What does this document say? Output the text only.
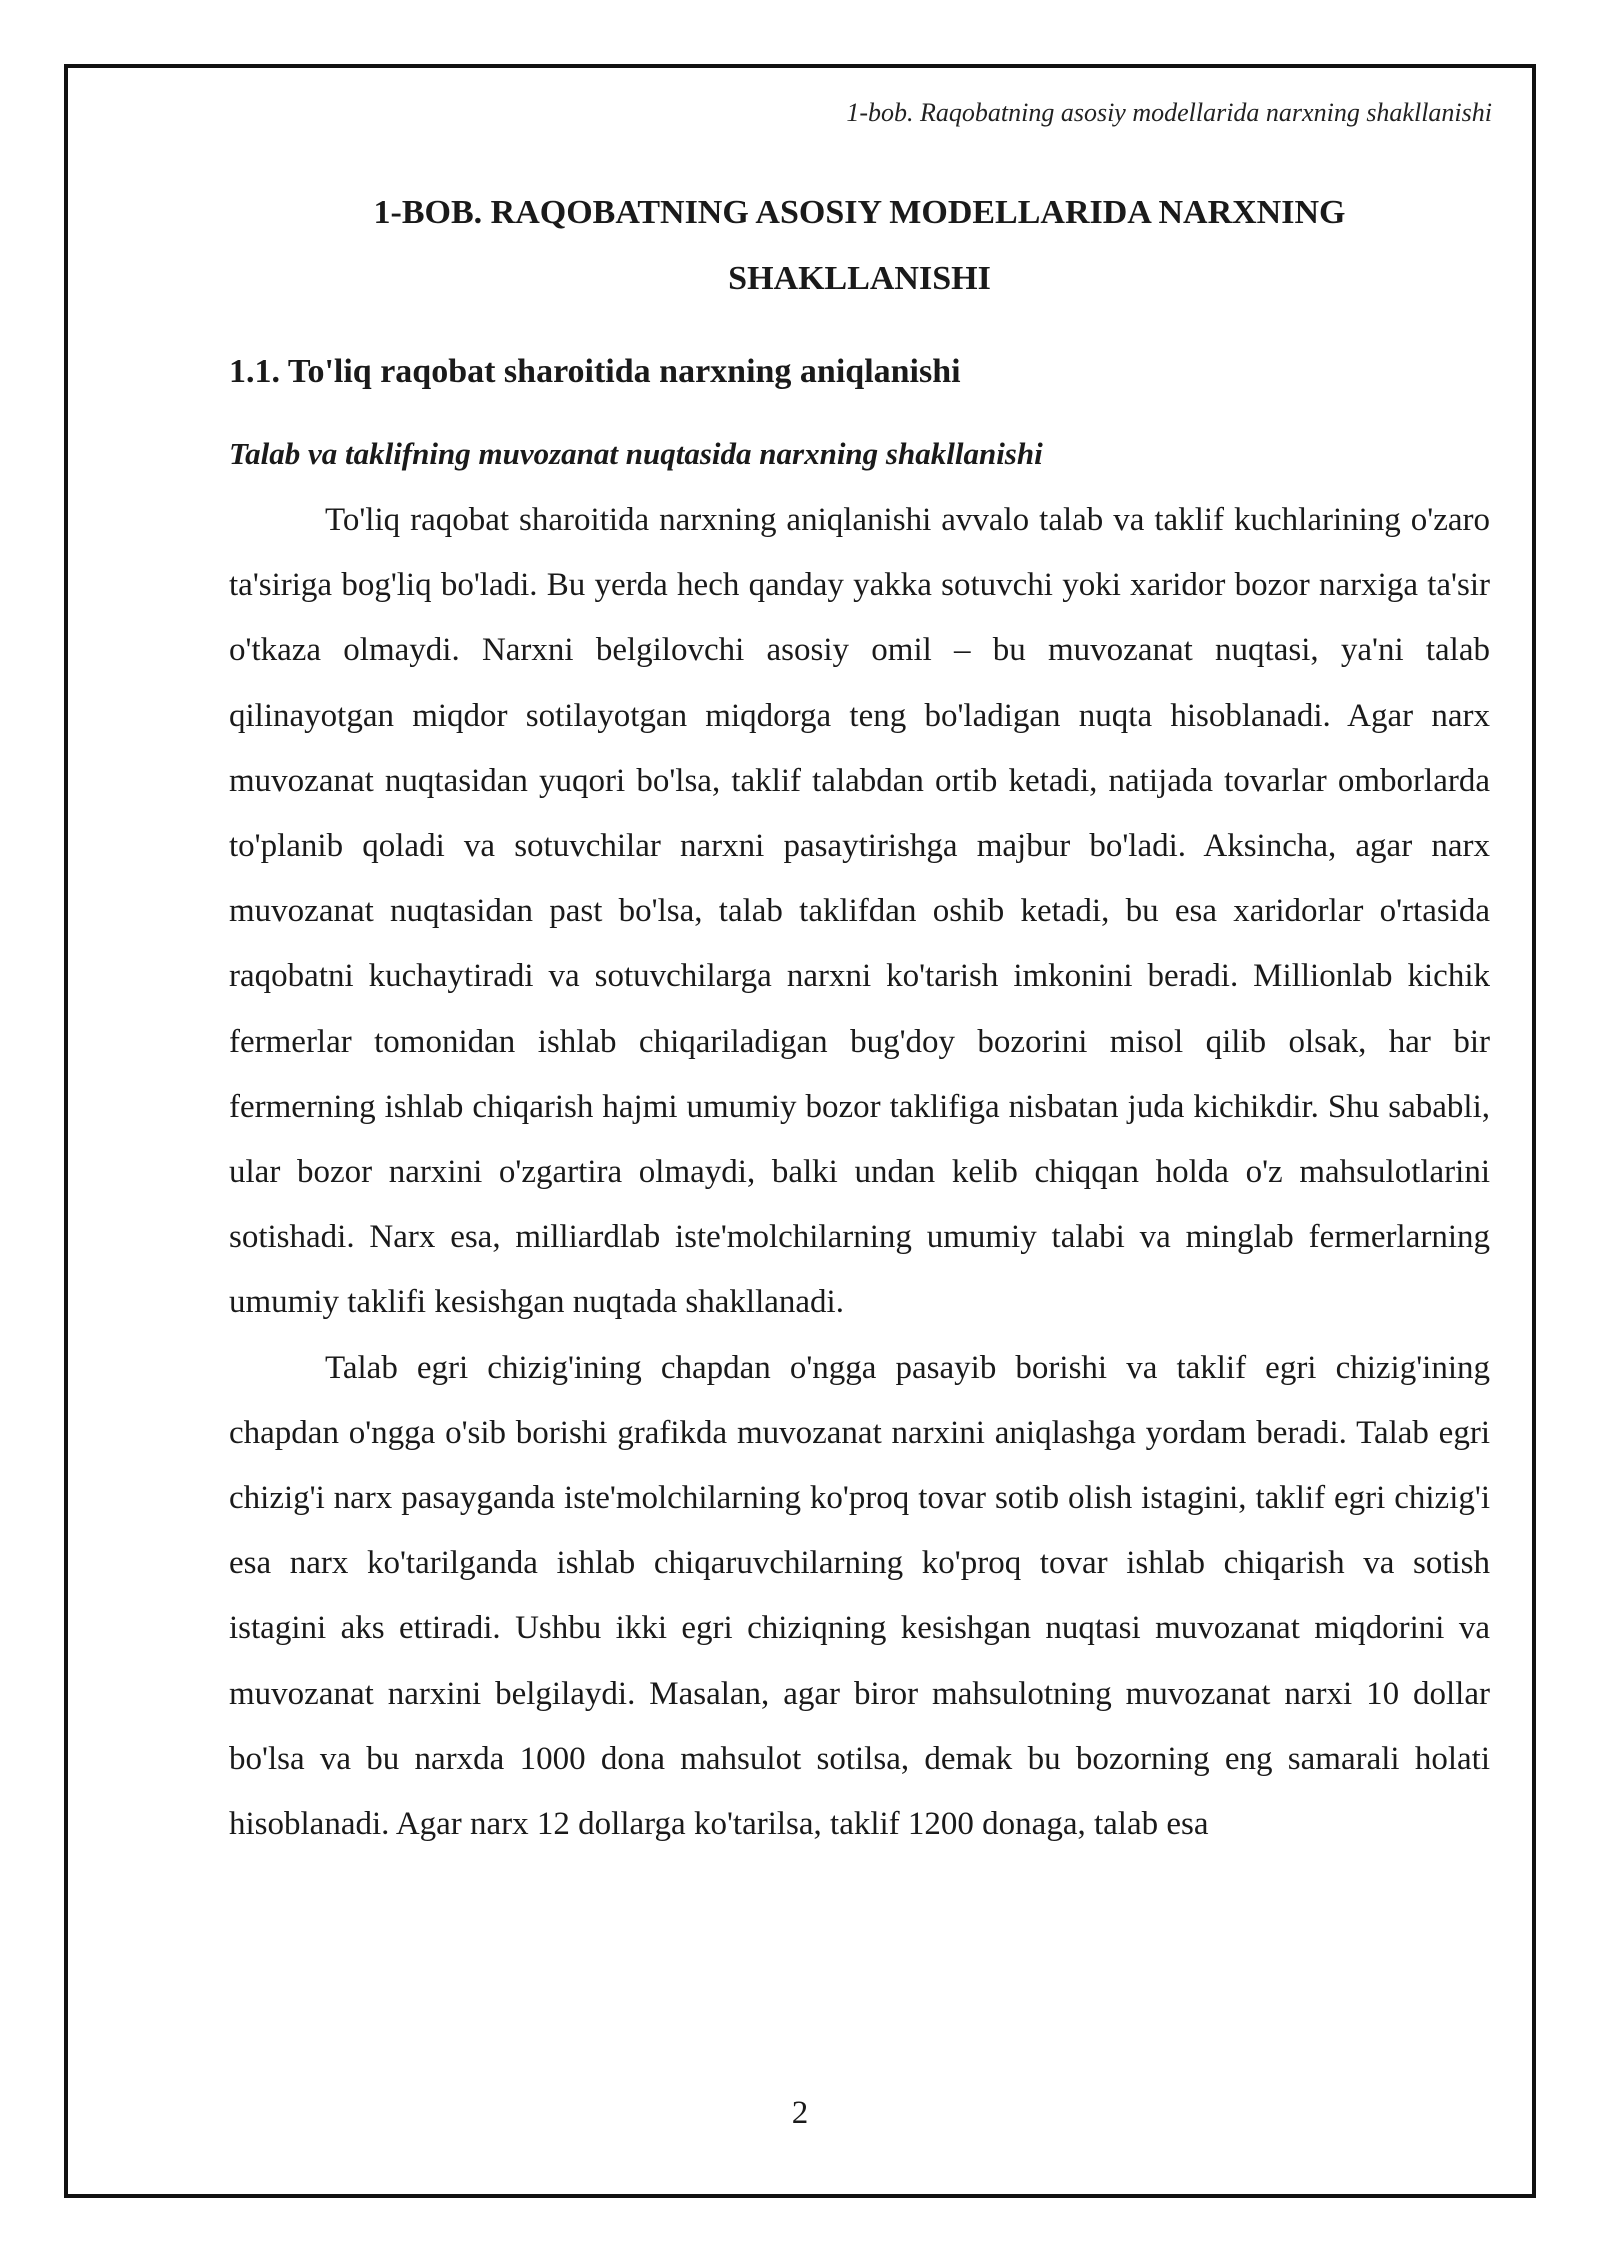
1-bob. Raqobatning asosiy modellarida narxning shakllanishi
1-BOB. RAQOBATNING ASOSIY MODELLARIDA NARXNING SHAKLLANISHI
1.1. To'liq raqobat sharoitida narxning aniqlanishi
Talab va taklifning muvozanat nuqtasida narxning shakllanishi

To'liq raqobat sharoitida narxning aniqlanishi avvalo talab va taklif kuchlarining o'zaro ta'siriga bog'liq bo'ladi. Bu yerda hech qanday yakka sotuvchi yoki xaridor bozor narxiga ta'sir o'tkaza olmaydi. Narxni belgilovchi asosiy omil – bu muvozanat nuqtasi, ya'ni talab qilinayotgan miqdor sotilayotgan miqdorga teng bo'ladigan nuqta hisoblanadi. Agar narx muvozanat nuqtasidan yuqori bo'lsa, taklif talabdan ortib ketadi, natijada tovarlar omborlarda to'planib qoladi va sotuvchilar narxni pasaytirishga majbur bo'ladi. Aksincha, agar narx muvozanat nuqtasidan past bo'lsa, talab taklifdan oshib ketadi, bu esa xaridorlar o'rtasida raqobatni kuchaytiradi va sotuvchilarga narxni ko'tarish imkonini beradi. Millionlab kichik fermerlar tomonidan ishlab chiqariladigan bug'doy bozorini misol qilib olsak, har bir fermerning ishlab chiqarish hajmi umumiy bozor taklifiga nisbatan juda kichikdir. Shu sababli, ular bozor narxini o'zgartira olmaydi, balki undan kelib chiqqan holda o'z mahsulotlarini sotishadi. Narx esa, milliardlab iste'molchilarning umumiy talabi va minglab fermerlarning umumiy taklifi kesishgan nuqtada shakllanadi.

Talab egri chizig'ining chapdan o'ngga pasayib borishi va taklif egri chizig'ining chapdan o'ngga o'sib borishi grafikda muvozanat narxini aniqlashga yordam beradi. Talab egri chizig'i narx pasayganda iste'molchilarning ko'proq tovar sotib olish istagini, taklif egri chizig'i esa narx ko'tarilganda ishlab chiqaruvchilarning ko'proq tovar ishlab chiqarish va sotish istagini aks ettiradi. Ushbu ikki egri chiziqning kesishgan nuqtasi muvozanat miqdorini va muvozanat narxini belgilaydi. Masalan, agar biror mahsulotning muvozanat narxi 10 dollar bo'lsa va bu narxda 1000 dona mahsulot sotilsa, demak bu bozorning eng samarali holati hisoblanadi. Agar narx 12 dollarga ko'tarilsa, taklif 1200 donaga, talab esa

2
